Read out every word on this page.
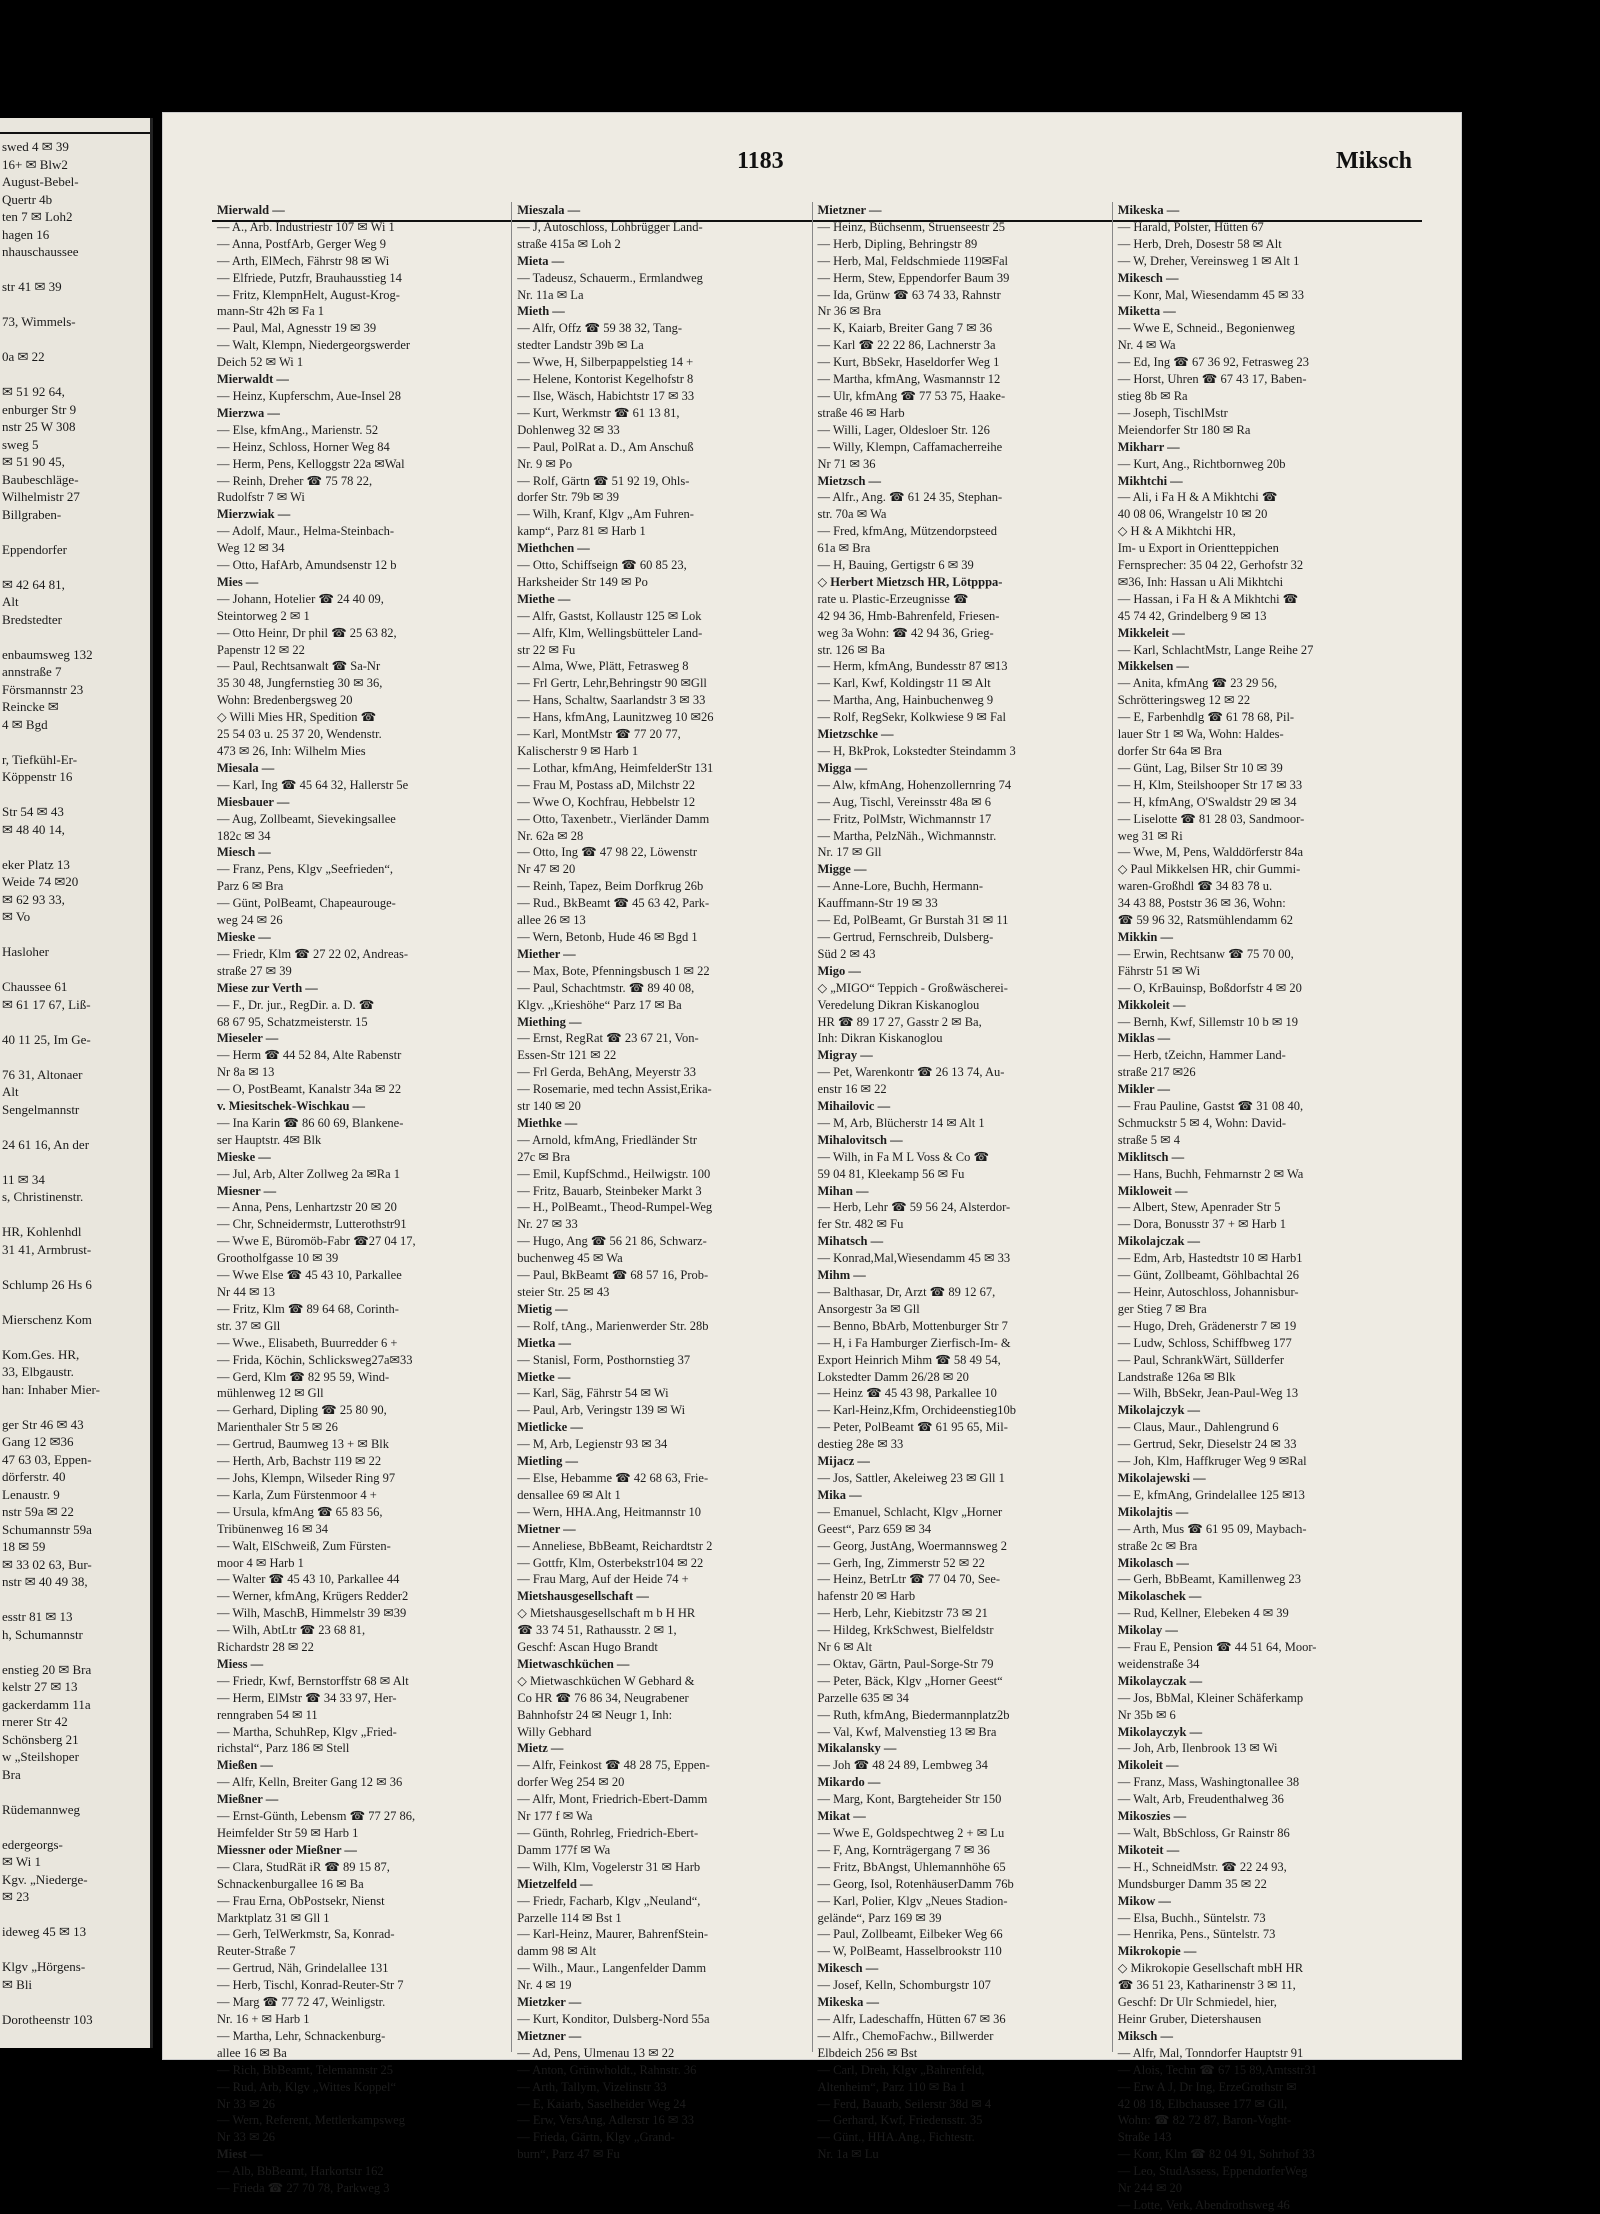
swed 4 ✉ 39
16+ ✉ Blw2
August-Bebel-
Quertr 4b
ten 7 ✉ Loh2
hagen 16
nhauschaussee

str 41 ✉ 39

73, Wimmels-

0a ✉ 22

✉ 51 92 64,
enburger Str 9
nstr 25 W 308
sweg 5
✉ 51 90 45,
Baubeschläge-
Wilhelmistr 27
Billgraben-

Eppendorfer

✉ 42 64 81,
Alt
Bredstedter

enbaumsweg 132
annstraße 7
Försmannstr 23
Reincke ✉
4 ✉ Bgd

r, Tiefkühl-Er-
Köppenstr 16

Str 54 ✉ 43
✉ 48 40 14,

eker Platz 13
Weide 74 ✉20
✉ 62 93 33,
✉ Vo

Hasloher

Chaussee 61
✉ 61 17 67, Liß-

40 11 25, Im Ge-

76 31, Altonaer
Alt
Sengelmannstr

24 61 16, An der

11 ✉ 34
s, Christinenstr.

HR, Kohlenhdl
31 41, Armbrust-

Schlump 26 Hs 6

Mierschenz Kom

Kom.Ges. HR,
33, Elbgaustr.
han: Inhaber Mier-

ger Str 46 ✉ 43
Gang 12 ✉36
47 63 03, Eppen-
dörferstr. 40
Lenaustr. 9
nstr 59a ✉ 22
Schumannstr 59a
18 ✉ 59
✉ 33 02 63, Bur-
nstr ✉ 40 49 38,

esstr 81 ✉ 13
h, Schumannstr

enstieg 20 ✉ Bra
kelstr 27 ✉ 13
gackerdamm 11a
rnerer Str 42
Schönsberg 21
w „Steilshoper
Bra

Rüdemannweg

edergeorgs-
✉ Wi 1
Kgv. „Niederge-
✉ 23

ideweg 45 ✉ 13

Klgv „Hörgens-
✉ Bli

Dorotheenstr 103
1183	Miksch
Mierwald —
— A., Arb. Industriestr 107 ✉ Wi 1
— Anna, PostfArb, Gerger Weg 9
— Arth, ElMech, Fährstr 98 ✉ Wi
— Elfriede, Putzfr, Brauhausstieg 14
— Fritz, KlempnHelt, August-Krog-
mann-Str 42h ✉ Fa 1
— Paul, Mal, Agnesstr 19 ✉ 39
— Walt, Klempn, Niedergeorgswerder
Deich 52 ✉ Wi 1
Mierwaldt —
— Heinz, Kupferschm, Aue-Insel 28
Mierzwa —
— Else, kfmAng., Marienstr. 52
— Heinz, Schloss, Horner Weg 84
— Herm, Pens, Kelloggstr 22a ✉Wal
— Reinh, Dreher ☎ 75 78 22,
Rudolfstr 7 ✉ Wi
Mierzwiak —
— Adolf, Maur., Helma-Steinbach-
Weg 12 ✉ 34
— Otto, HafArb, Amundsenstr 12 b
Mies —
— Johann, Hotelier ☎ 24 40 09,
Steintorweg 2 ✉ 1
— Otto Heinr, Dr phil ☎ 25 63 82,
Papenstr 12 ✉ 22
— Paul, Rechtsanwalt ☎ Sa-Nr
35 30 48, Jungfernstieg 30 ✉ 36,
Wohn: Bredenbergsweg 20
◇ Willi Mies HR, Spedition ☎
25 54 03 u. 25 37 20, Wendenstr.
473 ✉ 26, Inh: Wilhelm Mies
Miesala —
— Karl, Ing ☎ 45 64 32, Hallerstr 5e
Miesbauer —
— Aug, Zollbeamt, Sievekingsallee
182c ✉ 34
Miesch —
— Franz, Pens, Klgv „Seefrieden“,
Parz 6 ✉ Bra
— Günt, PolBeamt, Chapeaurouge-
weg 24 ✉ 26
Mieske —
— Friedr, Klm ☎ 27 22 02, Andreas-
straße 27 ✉ 39
Miese zur Verth —
— F., Dr. jur., RegDir. a. D. ☎
68 67 95, Schatzmeisterstr. 15
Mieseler —
— Herm ☎ 44 52 84, Alte Rabenstr
Nr 8a ✉ 13
— O, PostBeamt, Kanalstr 34a ✉ 22
v. Miesitschek-Wischkau —
— Ina Karin ☎ 86 60 69, Blankene-
ser Hauptstr. 4✉ Blk
Mieske —
— Jul, Arb, Alter Zollweg 2a ✉Ra 1
Miesner —
— Anna, Pens, Lenhartzstr 20 ✉ 20
— Chr, Schneidermstr, Lutterothstr91
— Wwe E, Büromöb-Fabr ☎27 04 17,
Grootholfgasse 10 ✉ 39
— Wwe Else ☎ 45 43 10, Parkallee
Nr 44 ✉ 13
— Fritz, Klm ☎ 89 64 68, Corinth-
str. 37 ✉ Gll
— Wwe., Elisabeth, Buurredder 6 +
— Frida, Köchin, Schlicksweg27a✉33
— Gerd, Klm ☎ 82 95 59, Wind-
mühlenweg 12 ✉ Gll
— Gerhard, Dipling ☎ 25 80 90,
Marienthaler Str 5 ✉ 26
— Gertrud, Baumweg 13 + ✉ Blk
— Herth, Arb, Bachstr 119 ✉ 22
— Johs, Klempn, Wilseder Ring 97
— Karla, Zum Fürstenmoor 4 +
— Ursula, kfmAng ☎ 65 83 56,
Tribünenweg 16 ✉ 34
— Walt, ElSchweiß, Zum Fürsten-
moor 4 ✉ Harb 1
— Walter ☎ 45 43 10, Parkallee 44
— Werner, kfmAng, Krügers Redder2
— Wilh, MaschB, Himmelstr 39 ✉39
— Wilh, AbtLtr ☎ 23 68 81,
Richardstr 28 ✉ 22
Miess —
— Friedr, Kwf, Bernstorffstr 68 ✉ Alt
— Herm, ElMstr ☎ 34 33 97, Her-
renngraben 54 ✉ 11
— Martha, SchuhRep, Klgv „Fried-
richstal“, Parz 186 ✉ Stell
Mießen —
— Alfr, Kelln, Breiter Gang 12 ✉ 36
Mießner —
— Ernst-Günth, Lebensm ☎ 77 27 86,
Heimfelder Str 59 ✉ Harb 1
Miessner oder Mießner —
— Clara, StudRät iR ☎ 89 15 87,
Schnackenburgallee 16 ✉ Ba
— Frau Erna, ObPostsekr, Nienst
Marktplatz 31 ✉ Gll 1
— Gerh, TelWerkmstr, Sa, Konrad-
Reuter-Straße 7
— Gertrud, Näh, Grindelallee 131
— Herb, Tischl, Konrad-Reuter-Str 7
— Marg ☎ 77 72 47, Weinligstr.
Nr. 16 + ✉ Harb 1
— Martha, Lehr, Schnackenburg-
allee 16 ✉ Ba
— Rich, BbBeamt, Telemannstr 25
— Rud, Arb, Klgv „Wittes Koppel“
Nr 33 ✉ 26
— Wern, Referent, Mettlerkampsweg
Nr 33 ✉ 26
Miest —
— Alb, BbBeamt, Harkortstr 162
— Frieda ☎ 27 70 78, Parkweg 3
Mieszala —
— J, Autoschloss, Lohbrügger Land-
straße 415a ✉ Loh 2
Mieta —
— Tadeusz, Schauerm., Ermlandweg
Nr. 11a ✉ La
Mieth —
— Alfr, Offz ☎ 59 38 32, Tang-
stedter Landstr 39b ✉ La
— Wwe, H, Silberpappelstieg 14 +
— Helene, Kontorist Kegelhofstr 8
— Ilse, Wäsch, Habichtstr 17 ✉ 33
— Kurt, Werkmstr ☎ 61 13 81,
Dohlenweg 32 ✉ 33
— Paul, PolRat a. D., Am Anschuß
Nr. 9 ✉ Po
— Rolf, Gärtn ☎ 51 92 19, Ohls-
dorfer Str. 79b ✉ 39
— Wilh, Kranf, Klgv „Am Fuhren-
kamp“, Parz 81 ✉ Harb 1
Miethchen —
— Otto, Schiffseign ☎ 60 85 23,
Harksheider Str 149 ✉ Po
Miethe —
— Alfr, Gastst, Kollaustr 125 ✉ Lok
— Alfr, Klm, Wellingsbütteler Land-
str 22 ✉ Fu
— Alma, Wwe, Plätt, Fetrasweg 8
— Frl Gertr, Lehr,Behringstr 90 ✉Gll
— Hans, Schaltw, Saarlandstr 3 ✉ 33
— Hans, kfmAng, Launitzweg 10 ✉26
— Karl, MontMstr ☎ 77 20 77,
Kalischerstr 9 ✉ Harb 1
— Lothar, kfmAng, HeimfelderStr 131
— Frau M, Postass aD, Milchstr 22
— Wwe O, Kochfrau, Hebbelstr 12
— Otto, Taxenbetr., Vierländer Damm
Nr. 62a ✉ 28
— Otto, Ing ☎ 47 98 22, Löwenstr
Nr 47 ✉ 20
— Reinh, Tapez, Beim Dorfkrug 26b
— Rud., BkBeamt ☎ 45 63 42, Park-
allee 26 ✉ 13
— Wern, Betonb, Hude 46 ✉ Bgd 1
Miether —
— Max, Bote, Pfenningsbusch 1 ✉ 22
— Paul, Schachtmstr. ☎ 89 40 08,
Klgv. „Krieshöhe“ Parz 17 ✉ Ba
Miething —
— Ernst, RegRat ☎ 23 67 21, Von-
Essen-Str 121 ✉ 22
— Frl Gerda, BehAng, Meyerstr 33
— Rosemarie, med techn Assist,Erika-
str 140 ✉ 20
Miethke —
— Arnold, kfmAng, Friedländer Str
27c ✉ Bra
— Emil, KupfSchmd., Heilwigstr. 100
— Fritz, Bauarb, Steinbeker Markt 3
— H., PolBeamt., Theod-Rumpel-Weg
Nr. 27 ✉ 33
— Hugo, Ang ☎ 56 21 86, Schwarz-
buchenweg 45 ✉ Wa
— Paul, BkBeamt ☎ 68 57 16, Prob-
steier Str. 25 ✉ 43
Mietig —
— Rolf, tAng., Marienwerder Str. 28b
Mietka —
— Stanisl, Form, Posthornstieg 37
Mietke —
— Karl, Säg, Fährstr 54 ✉ Wi
— Paul, Arb, Veringstr 139 ✉ Wi
Mietlicke —
— M, Arb, Legienstr 93 ✉ 34
Mietling —
— Else, Hebamme ☎ 42 68 63, Frie-
densallee 69 ✉ Alt 1
— Wern, HHA.Ang, Heitmannstr 10
Mietner —
— Anneliese, BbBeamt, Reichardtstr 2
— Gottfr, Klm, Osterbekstr104 ✉ 22
— Frau Marg, Auf der Heide 74 +
Mietshausgesellschaft —
◇ Mietshausgesellschaft m b H HR
☎ 33 74 51, Rathausstr. 2 ✉ 1,
Geschf: Ascan Hugo Brandt
Mietwaschküchen —
◇ Mietwaschküchen W Gebhard &
Co HR ☎ 76 86 34, Neugrabener
Bahnhofstr 24 ✉ Neugr 1, Inh:
Willy Gebhard
Mietz —
— Alfr, Feinkost ☎ 48 28 75, Eppen-
dorfer Weg 254 ✉ 20
— Alfr, Mont, Friedrich-Ebert-Damm
Nr 177 f ✉ Wa
— Günth, Rohrleg, Friedrich-Ebert-
Damm 177f ✉ Wa
— Wilh, Klm, Vogelerstr 31 ✉ Harb
Mietzelfeld —
— Friedr, Facharb, Klgv „Neuland“,
Parzelle 114 ✉ Bst 1
— Karl-Heinz, Maurer, BahrenfStein-
damm 98 ✉ Alt
— Wilh., Maur., Langenfelder Damm
Nr. 4 ✉ 19
Mietzker —
— Kurt, Konditor, Dulsberg-Nord 55a
Mietzner —
— Ad, Pens, Ulmenau 13 ✉ 22
— Anton, Grünwholdt., Rahnstr. 36
— Arth, Tallym, Vizelinstr 33
— E, Kaiarb, Saselheider Weg 24
— Erw, VersAng, Adlerstr 16 ✉ 33
— Frieda, Gärtn, Klgv „Grand-
burn“, Parz 47 ✉ Fu
Mietzner —
— Heinz, Büchsenm, Struenseestr 25
— Herb, Dipling, Behringstr 89
— Herb, Mal, Feldschmiede 119✉Fal
— Herm, Stew, Eppendorfer Baum 39
— Ida, Grünw ☎ 63 74 33, Rahnstr
Nr 36 ✉ Bra
— K, Kaiarb, Breiter Gang 7 ✉ 36
— Karl ☎ 22 22 86, Lachnerstr 3a
— Kurt, BbSekr, Haseldorfer Weg 1
— Martha, kfmAng, Wasmannstr 12
— Ulr, kfmAng ☎ 77 53 75, Haake-
straße 46 ✉ Harb
— Willi, Lager, Oldesloer Str. 126
— Willy, Klempn, Caffamacherreihe
Nr 71 ✉ 36
Mietzsch —
— Alfr., Ang. ☎ 61 24 35, Stephan-
str. 70a ✉ Wa
— Fred, kfmAng, Mützendorpsteed
61a ✉ Bra
— H, Bauing, Gertigstr 6 ✉ 39
◇ Herbert Mietzsch HR, Lötpppa-
rate u. Plastic-Erzeugnisse ☎
42 94 36, Hmb-Bahrenfeld, Friesen-
weg 3a Wohn: ☎ 42 94 36, Grieg-
str. 126 ✉ Ba
— Herm, kfmAng, Bundesstr 87 ✉13
— Karl, Kwf, Koldingstr 11 ✉ Alt
— Martha, Ang, Hainbuchenweg 9
— Rolf, RegSekr, Kolkwiese 9 ✉ Fal
Mietzschke —
— H, BkProk, Lokstedter Steindamm 3
Migga —
— Alw, kfmAng, Hohenzollernring 74
— Aug, Tischl, Vereinsstr 48a ✉ 6
— Fritz, PolMstr, Wichmannstr 17
— Martha, PelzNäh., Wichmannstr.
Nr. 17 ✉ Gll
Migge —
— Anne-Lore, Buchh, Hermann-
Kauffmann-Str 19 ✉ 33
— Ed, PolBeamt, Gr Burstah 31 ✉ 11
— Gertrud, Fernschreib, Dulsberg-
Süd 2 ✉ 43
Migo —
◇ „MIGO“ Teppich - Großwäscherei-
Veredelung Dikran Kiskanoglou
HR ☎ 89 17 27, Gasstr 2 ✉ Ba,
Inh: Dikran Kiskanoglou
Migray —
— Pet, Warenkontr ☎ 26 13 74, Au-
enstr 16 ✉ 22
Mihailovic —
— M, Arb, Blücherstr 14 ✉ Alt 1
Mihalovitsch —
— Wilh, in Fa M L Voss & Co ☎
59 04 81, Kleekamp 56 ✉ Fu
Mihan —
— Herb, Lehr ☎ 59 56 24, Alsterdor-
fer Str. 482 ✉ Fu
Mihatsch —
— Konrad,Mal,Wiesendamm 45 ✉ 33
Mihm —
— Balthasar, Dr, Arzt ☎ 89 12 67,
Ansorgestr 3a ✉ Gll
— Benno, BbArb, Mottenburger Str 7
— H, i Fa Hamburger Zierfisch-Im- &
Export Heinrich Mihm ☎ 58 49 54,
Lokstedter Damm 26/28 ✉ 20
— Heinz ☎ 45 43 98, Parkallee 10
— Karl-Heinz,Kfm, Orchideenstieg10b
— Peter, PolBeamt ☎ 61 95 65, Mil-
destieg 28e ✉ 33
Mijacz —
— Jos, Sattler, Akeleiweg 23 ✉ Gll 1
Mika —
— Emanuel, Schlacht, Klgv „Horner
Geest“, Parz 659 ✉ 34
— Georg, JustAng, Woermannsweg 2
— Gerh, Ing, Zimmerstr 52 ✉ 22
— Heinz, BetrLtr ☎ 77 04 70, See-
hafenstr 20 ✉ Harb
— Herb, Lehr, Kiebitzstr 73 ✉ 21
— Hildeg, KrkSchwest, Bielfeldstr
Nr 6 ✉ Alt
— Oktav, Gärtn, Paul-Sorge-Str 79
— Peter, Bäck, Klgv „Horner Geest“
Parzelle 635 ✉ 34
— Ruth, kfmAng, Biedermannplatz2b
— Val, Kwf, Malvenstieg 13 ✉ Bra
Mikalansky —
— Joh ☎ 48 24 89, Lembweg 34
Mikardo —
— Marg, Kont, Bargteheider Str 150
Mikat —
— Wwe E, Goldspechtweg 2 + ✉ Lu
— F, Ang, Kornträgergang 7 ✉ 36
— Fritz, BbAngst, Uhlemannhöhe 65
— Georg, Isol, RotenhäuserDamm 76b
— Karl, Polier, Klgv „Neues Stadion-
gelände“, Parz 169 ✉ 39
— Paul, Zollbeamt, Eilbeker Weg 66
— W, PolBeamt, Hasselbrookstr 110
Mikesch —
— Josef, Kelln, Schomburgstr 107
Mikeska —
— Alfr, Ladeschaffn, Hütten 67 ✉ 36
— Alfr., ChemoFachw., Billwerder
Elbdeich 256 ✉ Bst
— Carl, Dreh, Klgv „Bahrenfeld,
Altenheim“, Parz 110 ✉ Ba 1
— Ferd, Bauarb, Seilerstr 38d ✉ 4
— Gerhard, Kwf, Friedensstr. 35
— Günt., HHA.Ang., Fichtestr.
Nr. 1a ✉ Lu
Mikeska —
— Harald, Polster, Hütten 67
— Herb, Dreh, Dosestr 58 ✉ Alt
— W, Dreher, Vereinsweg 1 ✉ Alt 1
Mikesch —
— Konr, Mal, Wiesendamm 45 ✉ 33
Miketta —
— Wwe E, Schneid., Begonienweg
Nr. 4 ✉ Wa
— Ed, Ing ☎ 67 36 92, Fetrasweg 23
— Horst, Uhren ☎ 67 43 17, Baben-
stieg 8b ✉ Ra
— Joseph, TischlMstr
Meiendorfer Str 180 ✉ Ra
Mikharr —
— Kurt, Ang., Richtbornweg 20b
Mikhtchi —
— Ali, i Fa H & A Mikhtchi ☎
40 08 06, Wrangelstr 10 ✉ 20
◇ H & A Mikhtchi HR,
Im- u Export in Orientteppichen
Fernsprecher: 35 04 22, Gerhofstr 32
✉36, Inh: Hassan u Ali Mikhtchi
— Hassan, i Fa H & A Mikhtchi ☎
45 74 42, Grindelberg 9 ✉ 13
Mikkeleit —
— Karl, SchlachtMstr, Lange Reihe 27
Mikkelsen —
— Anita, kfmAng ☎ 23 29 56,
Schrötteringsweg 12 ✉ 22
— E, Farbenhdlg ☎ 61 78 68, Pil-
lauer Str 1 ✉ Wa, Wohn: Haldes-
dorfer Str 64a ✉ Bra
— Günt, Lag, Bilser Str 10 ✉ 39
— H, Klm, Steilshooper Str 17 ✉ 33
— H, kfmAng, O'Swaldstr 29 ✉ 34
— Liselotte ☎ 81 28 03, Sandmoor-
weg 31 ✉ Ri
— Wwe, M, Pens, Walddörferstr 84a
◇ Paul Mikkelsen HR, chir Gummi-
waren-Großhdl ☎ 34 83 78 u.
34 43 88, Poststr 36 ✉ 36, Wohn:
☎ 59 96 32, Ratsmühlendamm 62
Mikkin —
— Erwin, Rechtsanw ☎ 75 70 00,
Fährstr 51 ✉ Wi
— O, KrBauinsp, Boßdorfstr 4 ✉ 20
Mikkoleit —
— Bernh, Kwf, Sillemstr 10 b ✉ 19
Miklas —
— Herb, tZeichn, Hammer Land-
straße 217 ✉26
Mikler —
— Frau Pauline, Gastst ☎ 31 08 40,
Schmuckstr 5 ✉ 4, Wohn: David-
straße 5 ✉ 4
Miklitsch —
— Hans, Buchh, Fehmarnstr 2 ✉ Wa
Mikloweit —
— Albert, Stew, Apenrader Str 5
— Dora, Bonusstr 37 + ✉ Harb 1
Mikolajczak —
— Edm, Arb, Hastedtstr 10 ✉ Harb1
— Günt, Zollbeamt, Göhlbachtal 26
— Heinr, Autoschloss, Johannisbur-
ger Stieg 7 ✉ Bra
— Hugo, Dreh, Grädenerstr 7 ✉ 19
— Ludw, Schloss, Schiffbweg 177
— Paul, SchrankWärt, Süllderfer
Landstraße 126a ✉ Blk
— Wilh, BbSekr, Jean-Paul-Weg 13
Mikolajczyk —
— Claus, Maur., Dahlengrund 6
— Gertrud, Sekr, Dieselstr 24 ✉ 33
— Joh, Klm, Haffkruger Weg 9 ✉Ral
Mikolajewski —
— E, kfmAng, Grindelallee 125 ✉13
Mikolajtis —
— Arth, Mus ☎ 61 95 09, Maybach-
straße 2c ✉ Bra
Mikolasch —
— Gerh, BbBeamt, Kamillenweg 23
Mikolaschek —
— Rud, Kellner, Elebeken 4 ✉ 39
Mikolay —
— Frau E, Pension ☎ 44 51 64, Moor-
weidenstraße 34
Mikolayczak —
— Jos, BbMal, Kleiner Schäferkamp
Nr 35b ✉ 6
Mikolayczyk —
— Joh, Arb, Ilenbrook 13 ✉ Wi
Mikoleit —
— Franz, Mass, Washingtonallee 38
— Walt, Arb, Freudenthalweg 36
Mikoszies —
— Walt, BbSchloss, Gr Rainstr 86
Mikoteit —
— H., SchneidMstr. ☎ 22 24 93,
Mundsburger Damm 35 ✉ 22
Mikow —
— Elsa, Buchh., Süntelstr. 73
— Henrika, Pens., Süntelstr. 73
Mikrokopie —
◇ Mikrokopie Gesellschaft mbH HR
☎ 36 51 23, Katharinenstr 3 ✉ 11,
Geschf: Dr Ulr Schmiedel, hier,
Heinr Gruber, Dietershausen
Miksch —
— Alfr, Mal, Tonndorfer Hauptstr 91
— Alois, Techn ☎ 67 15 89,Amtsstr31
— Erw A J, Dr Ing, ErzeGrothstr ✉
42 08 18, Elbchaussee 177 ✉ Gll,
Wohn: ☎ 82 72 87, Baron-Voght-
Straße 143
— Konr, Klm ☎ 82 04 91, Sohrhof 33
— Leo, StudAssess, EppendorferWeg
Nr 244 ✉ 20
— Lotte, Verk, Abendrothsweg 46
